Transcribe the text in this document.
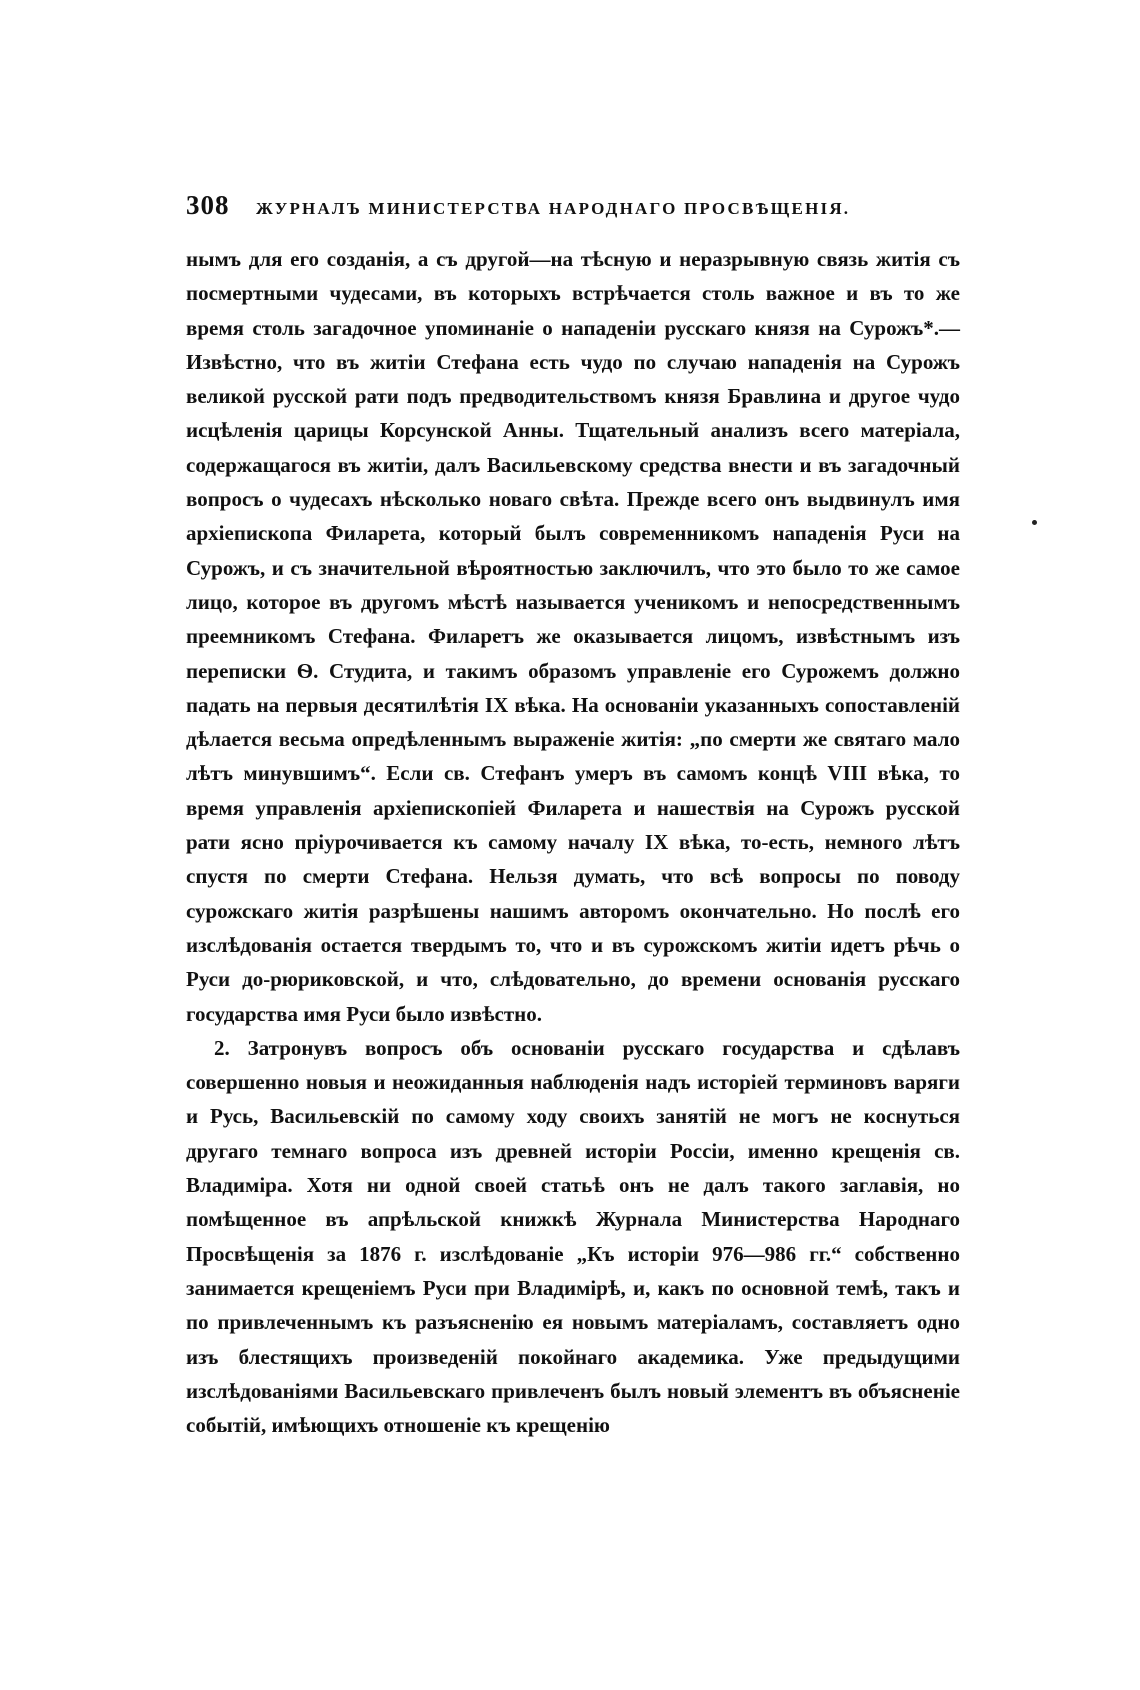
308	ЖУРНАЛЪ МИНИСТЕРСТВА НАРОДНАГО ПРОСВѢЩЕНІЯ.

нымъ для его созданія, а съ другой—на тѣсную и неразрывную связь житія съ посмертными чудесами, въ которыхъ встрѣчается столь важное и въ то же время столь загадочное упоминаніе о нападеніи русскаго князя на Сурожъ*.—Извѣстно, что въ житіи Стефана есть чудо по случаю нападенія на Сурожъ великой русской рати подъ предводительствомъ князя Бравлина и другое чудо исцѣленія царицы Корсунской Анны. Тщательный анализъ всего матеріала, содержащагося въ житіи, далъ Васильевскому средства внести и въ загадочный вопросъ о чудесахъ нѣсколько новаго свѣта. Прежде всего онъ выдвинулъ имя архіепископа Филарета, который былъ современникомъ нападенія Руси на Сурожъ, и съ значительной вѣроятностью заключилъ, что это было то же самое лицо, которое въ другомъ мѣстѣ называется ученикомъ и непосредственнымъ преемникомъ Стефана. Филаретъ же оказывается лицомъ, извѣстнымъ изъ переписки Ѳ. Студита, и такимъ образомъ управленіе его Сурожемъ должно падать на первыя десятилѣтія IX вѣка. На основаніи указанныхъ сопоставленій дѣлается весьма опредѣленнымъ выраженіе житія: „по смерти же святаго мало лѣтъ минувшимъ“. Если св. Стефанъ умеръ въ самомъ концѣ VIII вѣка, то время управленія архіепископіей Филарета и нашествія на Сурожъ русской рати ясно пріурочивается къ самому началу IX вѣка, то-есть, немного лѣтъ спустя по смерти Стефана. Нельзя думать, что всѣ вопросы по поводу сурожскаго житія разрѣшены нашимъ авторомъ окончательно. Но послѣ его изслѣдованія остается твердымъ то, что и въ сурожскомъ житіи идетъ рѣчь о Руси до-рюриковской, и что, слѣдовательно, до времени основанія русскаго государства имя Руси было извѣстно.

2. Затронувъ вопросъ объ основаніи русскаго государства и сдѣлавъ совершенно новыя и неожиданныя наблюденія надъ исторіей терминовъ варяги и Русь, Васильевскій по самому ходу своихъ занятій не могъ не коснуться другаго темнаго вопроса изъ древней исторіи Россіи, именно крещенія св. Владиміра. Хотя ни одной своей статьѣ онъ не далъ такого заглавія, но помѣщенное въ апрѣльской книжкѣ Журнала Министерства Народнаго Просвѣщенія за 1876 г. изслѣдованіе „Къ исторіи 976—986 гг.“ собственно занимается крещеніемъ Руси при Владимірѣ, и, какъ по основной темѣ, такъ и по привлеченнымъ къ разъясненію ея новымъ матеріаламъ, составляетъ одно изъ блестящихъ произведеній покойнаго академика. Уже предыдущими изслѣдованіями Васильевскаго привлеченъ былъ новый элементъ въ объясненіе событій, имѣющихъ отношеніе къ крещенію
